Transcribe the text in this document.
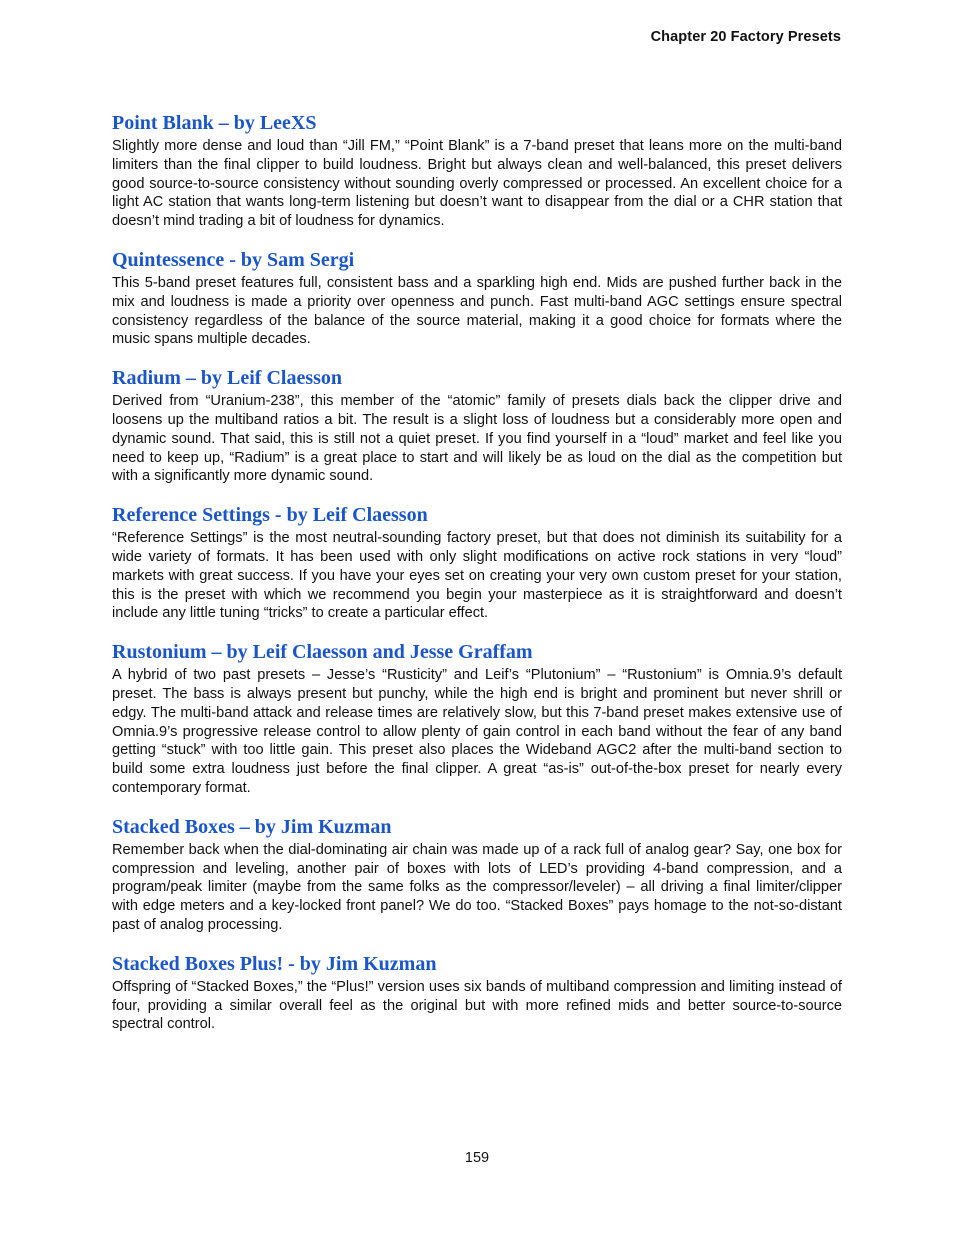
Chapter 20 Factory Presets
Point Blank – by LeeXS

Slightly more dense and loud than “Jill FM,” “Point Blank” is a 7-band preset that leans more on the multi-band limiters than the final clipper to build loudness. Bright but always clean and well-balanced, this preset delivers good source-to-source consistency without sounding overly compressed or processed. An excellent choice for a light AC station that wants long-term listening but doesn’t want to disappear from the dial or a CHR station that doesn’t mind trading a bit of loudness for dynamics.

Quintessence - by Sam Sergi

This 5-band preset features full, consistent bass and a sparkling high end. Mids are pushed further back in the mix and loudness is made a priority over openness and punch. Fast multi-band AGC settings ensure spectral consistency regardless of the balance of the source material, making it a good choice for formats where the music spans multiple decades.

Radium – by Leif Claesson

Derived from “Uranium-238”, this member of the “atomic” family of presets dials back the clipper drive and loosens up the multiband ratios a bit. The result is a slight loss of loudness but a considerably more open and dynamic sound. That said, this is still not a quiet preset. If you find yourself in a “loud” market and feel like you need to keep up, “Radium” is a great place to start and will likely be as loud on the dial as the competition but with a significantly more dynamic sound.

Reference Settings - by Leif Claesson

“Reference Settings” is the most neutral-sounding factory preset, but that does not diminish its suitability for a wide variety of formats. It has been used with only slight modifications on active rock stations in very “loud” markets with great success. If you have your eyes set on creating your very own custom preset for your station, this is the preset with which we recommend you begin your masterpiece as it is straightforward and doesn’t include any little tuning “tricks” to create a particular effect.

Rustonium – by Leif Claesson and Jesse Graffam

A hybrid of two past presets – Jesse’s “Rusticity” and Leif’s “Plutonium” – “Rustonium” is Omnia.9’s default preset. The bass is always present but punchy, while the high end is bright and prominent but never shrill or edgy. The multi-band attack and release times are relatively slow, but this 7-band preset makes extensive use of Omnia.9’s progressive release control to allow plenty of gain control in each band without the fear of any band getting “stuck” with too little gain. This preset also places the Wideband AGC2 after the multi-band section to build some extra loudness just before the final clipper. A great “as-is” out-of-the-box preset for nearly every contemporary format.

Stacked Boxes – by Jim Kuzman

Remember back when the dial-dominating air chain was made up of a rack full of analog gear? Say, one box for compression and leveling, another pair of boxes with lots of LED’s providing 4-band compression, and a program/peak limiter (maybe from the same folks as the compressor/leveler) – all driving a final limiter/clipper with edge meters and a key-locked front panel? We do too. “Stacked Boxes” pays homage to the not-so-distant past of analog processing.

Stacked Boxes Plus! - by Jim Kuzman

Offspring of “Stacked Boxes,” the “Plus!” version uses six bands of multiband compression and limiting instead of four, providing a similar overall feel as the original but with more refined mids and better source-to-source spectral control.

159
